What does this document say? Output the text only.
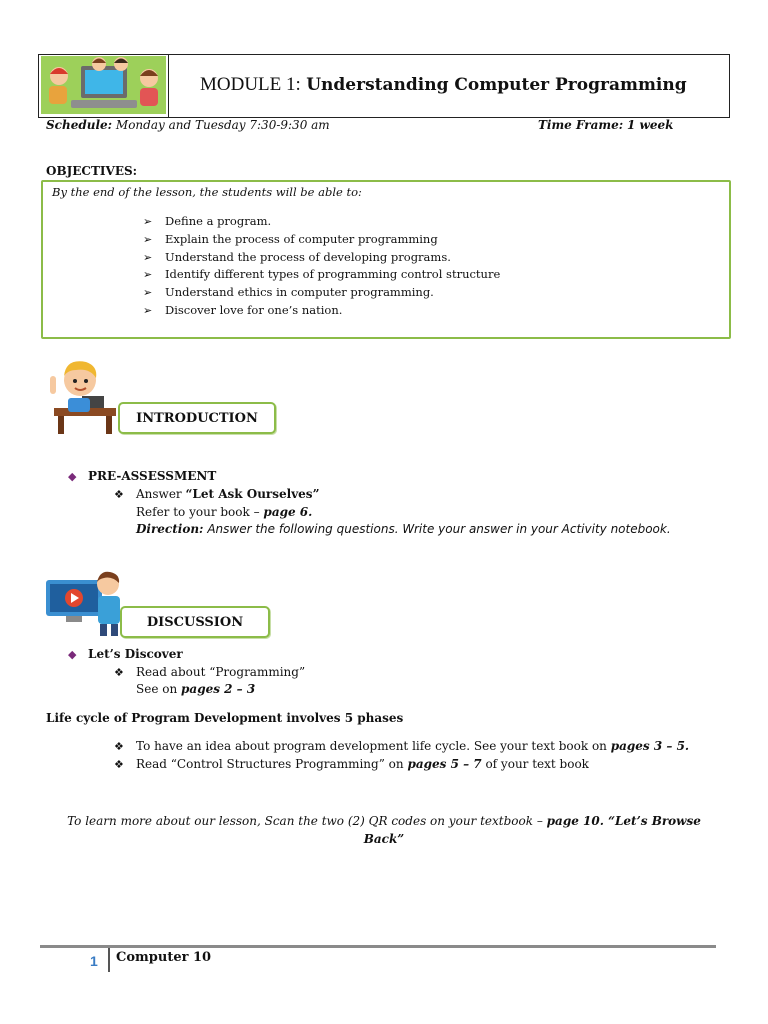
MODULE 1: Understanding Computer Programming
Schedule: Monday and Tuesday 7:30-9:30 am	Time Frame: 1 week
OBJECTIVES:
By the end of the lesson, the students will be able to:
➢ Define a program.
➢ Explain the process of computer programming
➢ Understand the process of developing programs.
➢ Identify different types of programming control structure
➢ Understand ethics in computer programming.
➢ Discover love for one’s nation.
INTRODUCTION
◆ PRE-ASSESSMENT
❖ Answer “Let Ask Ourselves”
Refer to your book – page 6.
Direction: Answer the following questions. Write your answer in your Activity notebook.
DISCUSSION
◆ Let’s Discover
❖ Read about “Programming”
See on pages 2 – 3
Life cycle of Program Development involves 5 phases
❖ To have an idea about program development life cycle. See your text book on pages 3 – 5.
❖ Read “Control Structures Programming” on pages 5 – 7 of your text book
To learn more about our lesson, Scan the two (2) QR codes on your textbook – page 10. “Let’s Browse
Back”
1 Computer 10
